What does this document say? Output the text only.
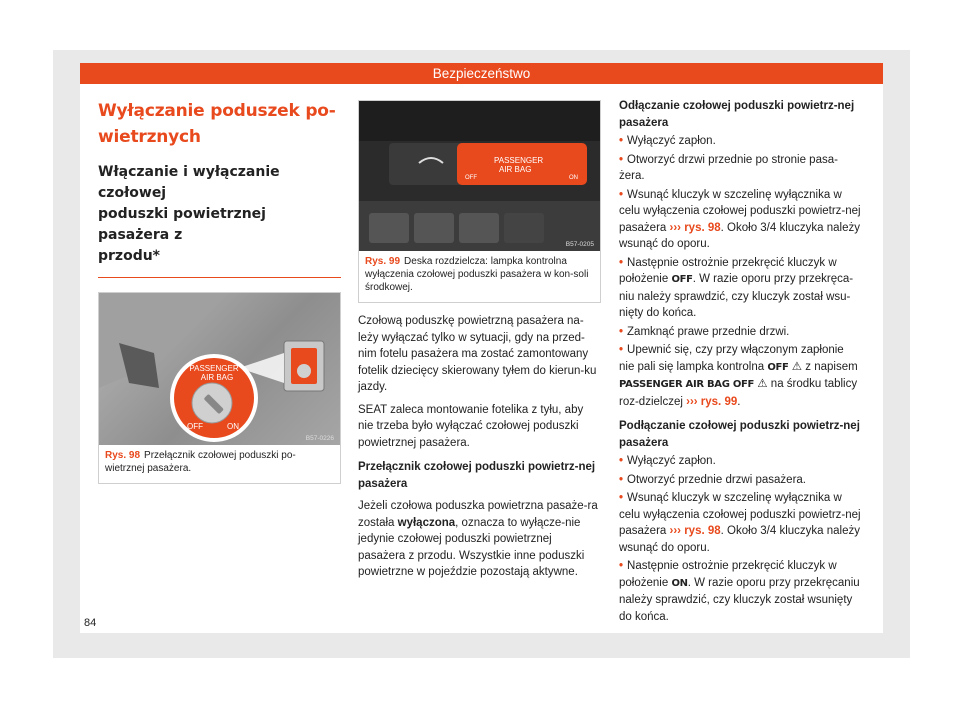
Bezpieczeństwo
Wyłączanie poduszek po-
wietrznych
Włączanie i wyłączanie czołowej
poduszki powietrznej pasażera z
przodu*
PASSENGER
AIR BAG
OFF	ON
B57-0226
Rys. 98 Przełącznik czołowej poduszki po-wietrznej pasażera.
PASSENGER
AIR BAG
OFF	ON
B57-0205
Rys. 99 Deska rozdzielcza: lampka kontrolna wyłączenia czołowej poduszki pasażera w kon-soli środkowej.

Czołową poduszkę powietrzną pasażera na-leży wyłączać tylko w sytuacji, gdy na przed-nim fotelu pasażera ma zostać zamontowany fotelik dziecięcy skierowany tyłem do kierun-ku jazdy.

SEAT zaleca montowanie fotelika z tyłu, aby nie trzeba było wyłączać czołowej poduszki powietrznej pasażera.

Przełącznik czołowej poduszki powietrz-nej pasażera

Jeżeli czołowa poduszka powietrzna pasaże-ra została wyłączona, oznacza to wyłącze-nie jedynie czołowej poduszki powietrznej pasażera z przodu. Wszystkie inne poduszki powietrzne w pojeździe pozostają aktywne.

Odłączanie czołowej poduszki powietrz-nej pasażera

• Wyłączyć zapłon.

• Otworzyć drzwi przednie po stronie pasa-żera.

• Wsunąć kluczyk w szczelinę wyłącznika w celu wyłączenia czołowej poduszki powietrz-nej pasażera ››› rys. 98. Około 3/4 kluczyka należy wsunąć do oporu.

• Następnie ostrożnie przekręcić kluczyk w położenie OFF. W razie oporu przy przekręca-niu należy sprawdzić, czy kluczyk został wsu-nięty do końca.

• Zamknąć prawe przednie drzwi.

• Upewnić się, czy przy włączonym zapłonie nie pali się lampka kontrolna OFF ⚠ z napisem PASSENGER AIR BAG OFF ⚠ na środku tablicy roz-dzielczej ››› rys. 99.

Podłączanie czołowej poduszki powietrz-nej pasażera

• Wyłączyć zapłon.

• Otworzyć przednie drzwi pasażera.

• Wsunąć kluczyk w szczelinę wyłącznika w celu wyłączenia czołowej poduszki powietrz-nej pasażera ››› rys. 98. Około 3/4 kluczyka należy wsunąć do oporu.

• Następnie ostrożnie przekręcić kluczyk w położenie ON. W razie oporu przy przekręcaniu należy sprawdzić, czy kluczyk został wsunięty do końca.

84
